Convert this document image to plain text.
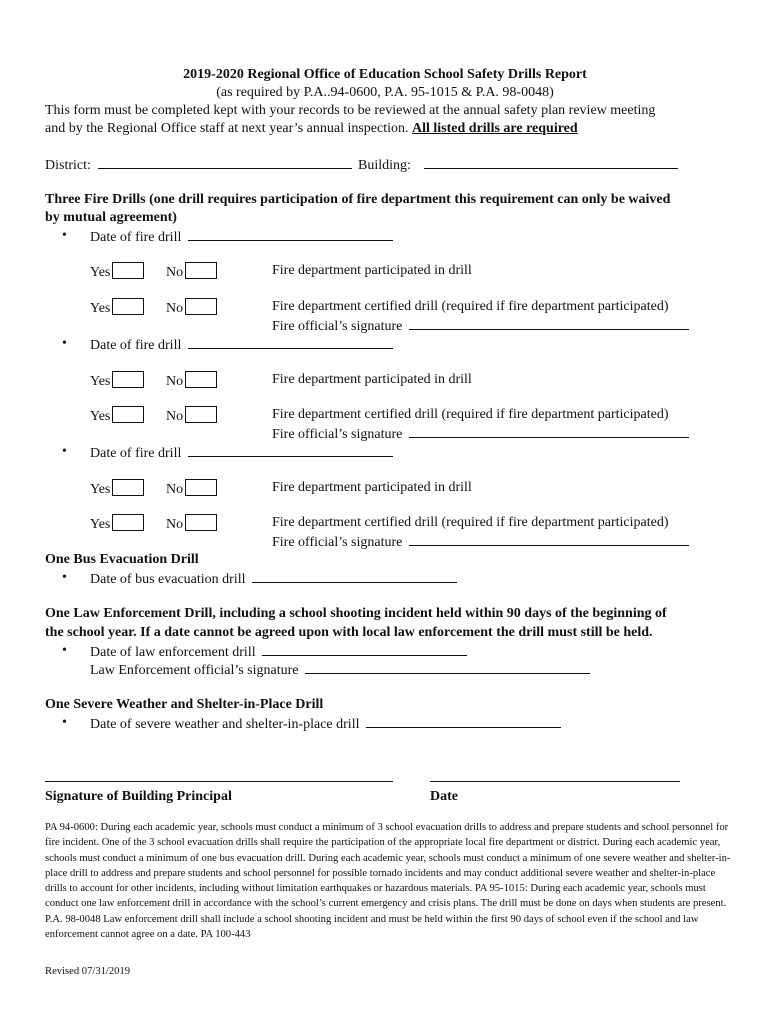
2019-2020 Regional Office of Education School Safety Drills Report
(as required by P.A..94-0600, P.A. 95-1015 & P.A. 98-0048)
This form must be completed kept with your records to be reviewed at the annual safety plan review meeting
and by the Regional Office staff at next year’s annual inspection. All listed drills are required
District:	Building:
Three Fire Drills (one drill requires participation of fire department this requirement can only be waived
by mutual agreement)
• Date of fire drill
Yes	No	Fire department participated in drill
Yes	No	Fire department certified drill (required if fire department participated)
Fire official’s signature
• Date of fire drill
Yes	No	Fire department participated in drill
Yes	No	Fire department certified drill (required if fire department participated)
Fire official’s signature
• Date of fire drill
Yes	No	Fire department participated in drill
Yes	No	Fire department certified drill (required if fire department participated)
Fire official’s signature
One Bus Evacuation Drill
• Date of bus evacuation drill
One Law Enforcement Drill, including a school shooting incident held within 90 days of the beginning of
the school year. If a date cannot be agreed upon with local law enforcement the drill must still be held.
• Date of law enforcement drill
Law Enforcement official’s signature
One Severe Weather and Shelter-in-Place Drill
• Date of severe weather and shelter-in-place drill
Signature of Building Principal	Date
PA 94-0600: During each academic year, schools must conduct a minimum of 3 school evacuation drills to address and prepare students and school personnel for fire incident. One of the 3 school evacuation drills shall require the participation of the appropriate local fire department or district. During each academic year, schools must conduct a minimum of one bus evacuation drill. During each academic year, schools must conduct a minimum of one severe weather and shelter-in-place drill to address and prepare students and school personnel for possible tornado incidents and may conduct additional severe weather and shelter-in-place drills to account for other incidents, including without limitation earthquakes or hazardous materials. PA 95-1015: During each academic year, schools must conduct one law enforcement drill in accordance with the school’s current emergency and crisis plans. The drill must be done on days when students are present. P.A. 98-0048 Law enforcement drill shall include a school shooting incident and must be held within the first 90 days of school even if the school and law enforcement cannot agree on a date. PA 100-443
Revised 07/31/2019
